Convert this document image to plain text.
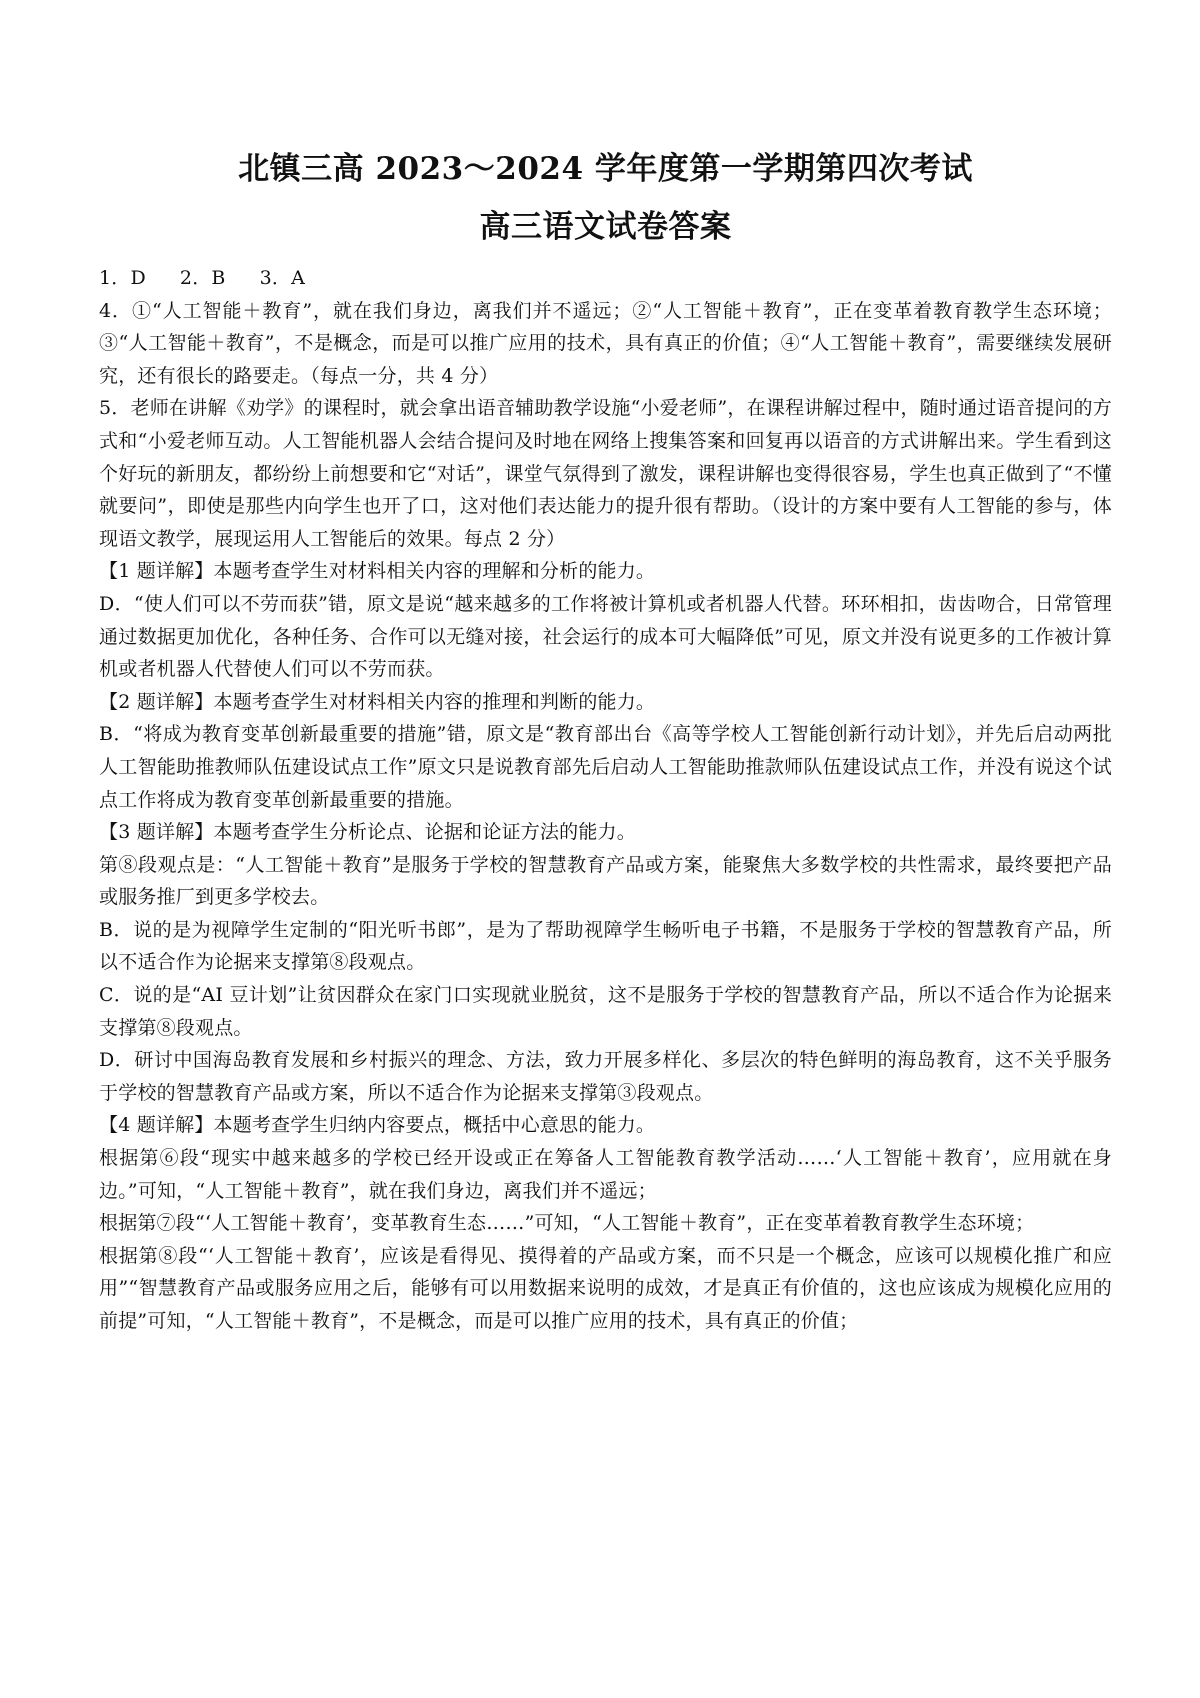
北镇三高 2023～2024 学年度第一学期第四次考试
高三语文试卷答案

1．D 2．B 3．A

4．①“人工智能＋教育”，就在我们身边，离我们并不遥远；②“人工智能＋教育”，正在变革着教育教学生态环境；③“人工智能＋教育”，不是概念，而是可以推广应用的技术，具有真正的价值；④“人工智能＋教育”，需要继续发展研究，还有很长的路要走。（每点一分，共 4 分）

5．老师在讲解《劝学》的课程时，就会拿出语音辅助教学设施“小爱老师”，在课程讲解过程中，随时通过语音提问的方式和“小爱老师互动。人工智能机器人会结合提问及时地在网络上搜集答案和回复再以语音的方式讲解出来。学生看到这个好玩的新朋友，都纷纷上前想要和它“对话”，课堂气氛得到了激发，课程讲解也变得很容易，学生也真正做到了“不懂就要问”，即使是那些内向学生也开了口，这对他们表达能力的提升很有帮助。（设计的方案中要有人工智能的参与，体现语文教学，展现运用人工智能后的效果。每点 2 分）

【1 题详解】本题考查学生对材料相关内容的理解和分析的能力。

D．“使人们可以不劳而获”错，原文是说“越来越多的工作将被计算机或者机器人代替。环环相扣，齿齿吻合，日常管理通过数据更加优化，各种任务、合作可以无缝对接，社会运行的成本可大幅降低”可见，原文并没有说更多的工作被计算机或者机器人代替使人们可以不劳而获。

【2 题详解】本题考查学生对材料相关内容的推理和判断的能力。

B．“将成为教育变革创新最重要的措施”错，原文是“教育部出台《高等学校人工智能创新行动计划》，并先后启动两批人工智能助推教师队伍建设试点工作”原文只是说教育部先后启动人工智能助推款师队伍建设试点工作，并没有说这个试点工作将成为教育变革创新最重要的措施。

【3 题详解】本题考查学生分析论点、论据和论证方法的能力。

第⑧段观点是：“人工智能＋教育”是服务于学校的智慧教育产品或方案，能聚焦大多数学校的共性需求，最终要把产品或服务推厂到更多学校去。

B．说的是为视障学生定制的“阳光听书郎”，是为了帮助视障学生畅听电子书籍，不是服务于学校的智慧教育产品，所以不适合作为论据来支撑第⑧段观点。

C．说的是“AI 豆计划”让贫因群众在家门口实现就业脱贫，这不是服务于学校的智慧教育产品，所以不适合作为论据来支撑第⑧段观点。

D．研讨中国海岛教育发展和乡村振兴的理念、方法，致力开展多样化、多层次的特色鲜明的海岛教育，这不关乎服务于学校的智慧教育产品或方案，所以不适合作为论据来支撑第③段观点。

【4 题详解】本题考查学生归纳内容要点，概括中心意思的能力。

根据第⑥段“现实中越来越多的学校已经开设或正在筹备人工智能教育教学活动……‘人工智能＋教育’，应用就在身边。”可知，“人工智能＋教育”，就在我们身边，离我们并不遥远；

根据第⑦段“‘人工智能＋教育’，变革教育生态……”可知，“人工智能＋教育”，正在变革着教育教学生态环境；

根据第⑧段“‘人工智能＋教育’，应该是看得见、摸得着的产品或方案，而不只是一个概念，应该可以规模化推广和应用”“智慧教育产品或服务应用之后，能够有可以用数据来说明的成效，才是真正有价值的，这也应该成为规模化应用的前提”可知，“人工智能＋教育”，不是概念，而是可以推广应用的技术，具有真正的价值；
